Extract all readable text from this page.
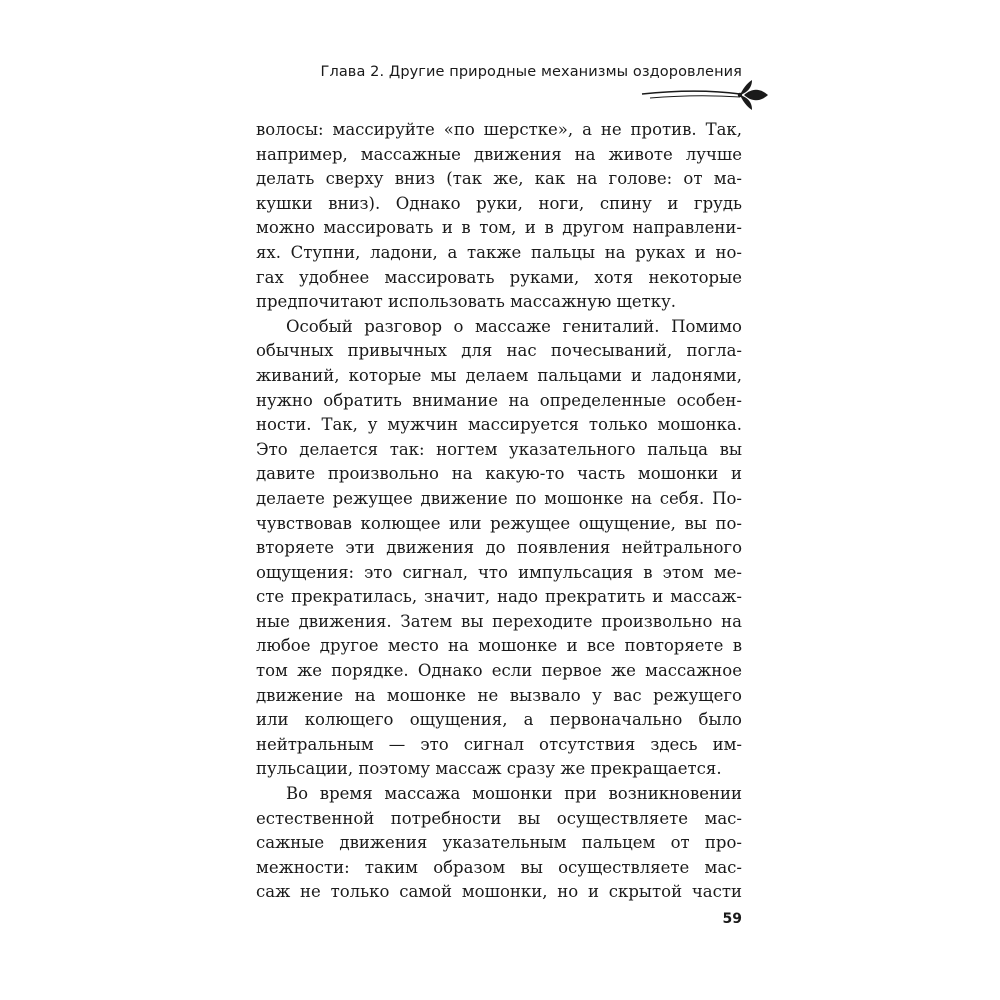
Глава 2. Другие природные механизмы оздоровления
волосы: массируйте «по шерстке», а не против. Так,
например, массажные движения на животе лучше
делать сверху вниз (так же, как на голове: от ма-
кушки вниз). Однако руки, ноги, спину и грудь
можно массировать и в том, и в другом направлени-
ях. Ступни, ладони, а также пальцы на руках и но-
гах удобнее массировать руками, хотя некоторые
предпочитают использовать массажную щетку.
Особый разговор о массаже гениталий. Помимо
обычных привычных для нас почесываний, погла-
живаний, которые мы делаем пальцами и ладонями,
нужно обратить внимание на определенные особен-
ности. Так, у мужчин массируется только мошонка.
Это делается так: ногтем указательного пальца вы
давите произвольно на какую-то часть мошонки и
делаете режущее движение по мошонке на себя. По-
чувствовав колющее или режущее ощущение, вы по-
вторяете эти движения до появления нейтрального
ощущения: это сигнал, что импульсация в этом ме-
сте прекратилась, значит, надо прекратить и массаж-
ные движения. Затем вы переходите произвольно на
любое другое место на мошонке и все повторяете в
том же порядке. Однако если первое же массажное
движение на мошонке не вызвало у вас режущего
или колющего ощущения, а первоначально было
нейтральным — это сигнал отсутствия здесь им-
пульсации, поэтому массаж сразу же прекращается.
Во время массажа мошонки при возникновении
естественной потребности вы осуществляете мас-
сажные движения указательным пальцем от про-
межности: таким образом вы осуществляете мас-
саж не только самой мошонки, но и скрытой части
59
